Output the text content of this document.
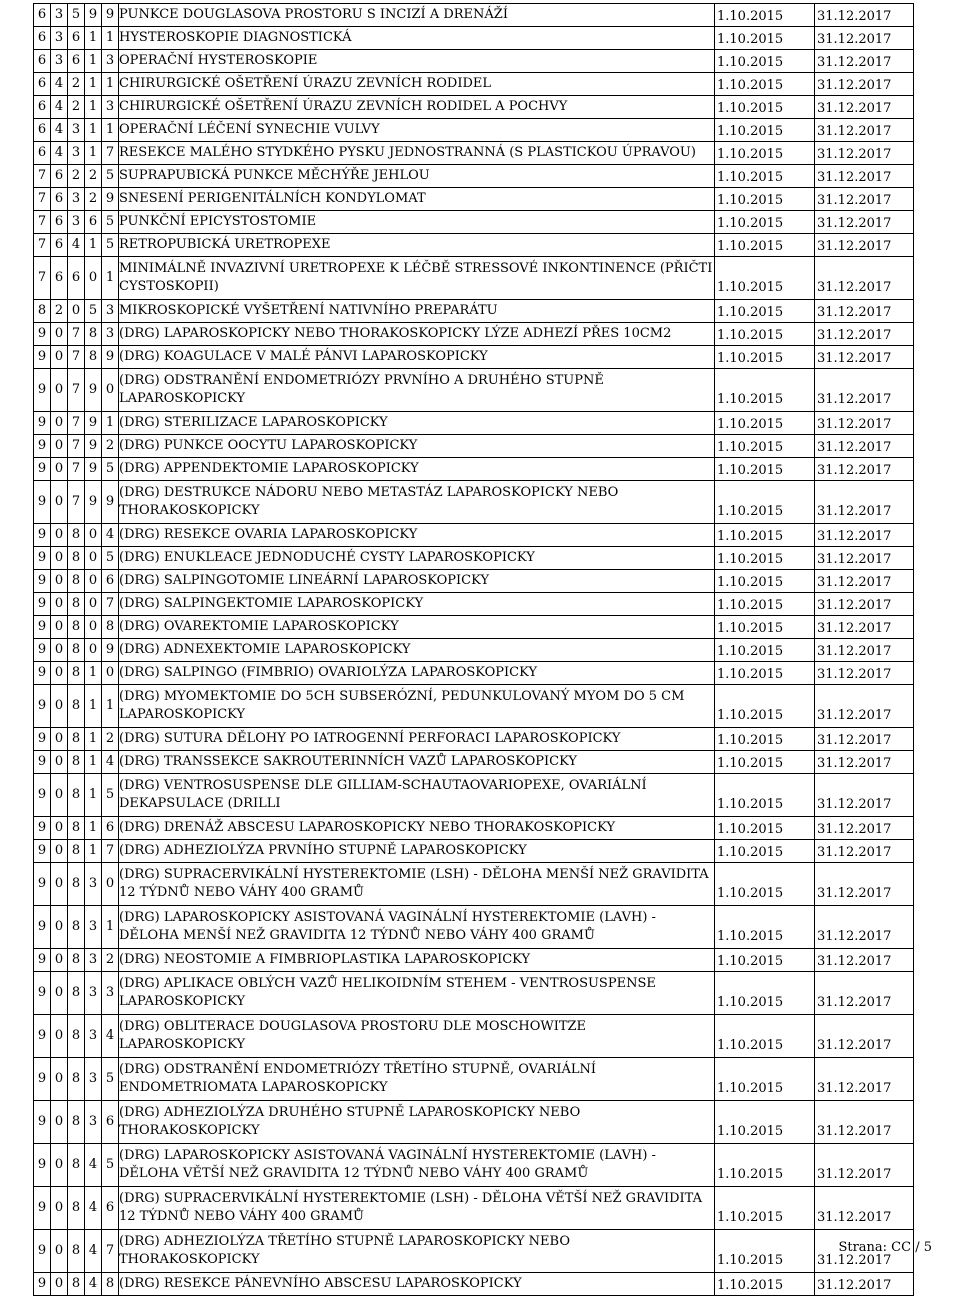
6	3	5	9	9	PUNKCE DOUGLASOVA PROSTORU S INCIZÍ A DRENÁŽÍ	1.10.2015	31.12.2017
6	3	6	1	1	HYSTEROSKOPIE DIAGNOSTICKÁ	1.10.2015	31.12.2017
6	3	6	1	3	OPERAČNÍ HYSTEROSKOPIE	1.10.2015	31.12.2017
6	4	2	1	1	CHIRURGICKÉ OŠETŘENÍ ÚRAZU ZEVNÍCH RODIDEL	1.10.2015	31.12.2017
6	4	2	1	3	CHIRURGICKÉ OŠETŘENÍ ÚRAZU ZEVNÍCH RODIDEL A POCHVY	1.10.2015	31.12.2017
6	4	3	1	1	OPERAČNÍ LÉČENÍ SYNECHIE VULVY	1.10.2015	31.12.2017
6	4	3	1	7	RESEKCE MALÉHO STYDKÉHO PYSKU JEDNOSTRANNÁ (S PLASTICKOU ÚPRAVOU)	1.10.2015	31.12.2017
7	6	2	2	5	SUPRAPUBICKÁ PUNKCE MĚCHÝŘE JEHLOU	1.10.2015	31.12.2017
7	6	3	2	9	SNESENÍ PERIGENITÁLNÍCH KONDYLOMAT	1.10.2015	31.12.2017
7	6	3	6	5	PUNKČNÍ EPICYSTOSTOMIE	1.10.2015	31.12.2017
7	6	4	1	5	RETROPUBICKÁ URETROPEXE	1.10.2015	31.12.2017
7	6	6	0	1	MINIMÁLNĚ INVAZIVNÍ URETROPEXE K LÉČBĚ STRESSOVÉ INKONTINENCE (PŘIČTI
CYSTOSKOPII)	1.10.2015	31.12.2017
8	2	0	5	3	MIKROSKOPICKÉ VYŠETŘENÍ NATIVNÍHO PREPARÁTU	1.10.2015	31.12.2017
9	0	7	8	3	(DRG) LAPAROSKOPICKY NEBO THORAKOSKOPICKY LÝZE ADHEZÍ PŘES 10CM2	1.10.2015	31.12.2017
9	0	7	8	9	(DRG) KOAGULACE V MALÉ PÁNVI LAPAROSKOPICKY	1.10.2015	31.12.2017
9	0	7	9	0	(DRG) ODSTRANĚNÍ ENDOMETRIÓZY PRVNÍHO A DRUHÉHO STUPNĚ
LAPAROSKOPICKY	1.10.2015	31.12.2017
9	0	7	9	1	(DRG) STERILIZACE LAPAROSKOPICKY	1.10.2015	31.12.2017
9	0	7	9	2	(DRG) PUNKCE OOCYTU LAPAROSKOPICKY	1.10.2015	31.12.2017
9	0	7	9	5	(DRG) APPENDEKTOMIE LAPAROSKOPICKY	1.10.2015	31.12.2017
9	0	7	9	9	(DRG) DESTRUKCE NÁDORU NEBO METASTÁZ LAPAROSKOPICKY NEBO
THORAKOSKOPICKY	1.10.2015	31.12.2017
9	0	8	0	4	(DRG) RESEKCE OVARIA LAPAROSKOPICKY	1.10.2015	31.12.2017
9	0	8	0	5	(DRG) ENUKLEACE JEDNODUCHÉ CYSTY LAPAROSKOPICKY	1.10.2015	31.12.2017
9	0	8	0	6	(DRG) SALPINGOTOMIE LINEÁRNÍ LAPAROSKOPICKY	1.10.2015	31.12.2017
9	0	8	0	7	(DRG) SALPINGEKTOMIE LAPAROSKOPICKY	1.10.2015	31.12.2017
9	0	8	0	8	(DRG) OVAREKTOMIE LAPAROSKOPICKY	1.10.2015	31.12.2017
9	0	8	0	9	(DRG) ADNEXEKTOMIE LAPAROSKOPICKY	1.10.2015	31.12.2017
9	0	8	1	0	(DRG) SALPINGO (FIMBRIO) OVARIOLÝZA LAPAROSKOPICKY	1.10.2015	31.12.2017
9	0	8	1	1	(DRG) MYOMEKTOMIE DO 5CH SUBSERÓZNÍ, PEDUNKULOVANÝ MYOM DO 5 CM
LAPAROSKOPICKY	1.10.2015	31.12.2017
9	0	8	1	2	(DRG) SUTURA DĚLOHY PO IATROGENNÍ PERFORACI LAPAROSKOPICKY	1.10.2015	31.12.2017
9	0	8	1	4	(DRG) TRANSSEKCE SAKROUTERINNÍCH VAZŮ LAPAROSKOPICKY	1.10.2015	31.12.2017
9	0	8	1	5	(DRG) VENTROSUSPENSE DLE GILLIAM-SCHAUTAOVARIOPEXE, OVARIÁLNÍ
DEKAPSULACE (DRILLI	1.10.2015	31.12.2017
9	0	8	1	6	(DRG) DRENÁŽ ABSCESU LAPAROSKOPICKY NEBO THORAKOSKOPICKY	1.10.2015	31.12.2017
9	0	8	1	7	(DRG) ADHEZIOLÝZA PRVNÍHO STUPNĚ LAPAROSKOPICKY	1.10.2015	31.12.2017
9	0	8	3	0	(DRG) SUPRACERVIKÁLNÍ HYSTEREKTOMIE (LSH) - DĚLOHA MENŠÍ NEŽ GRAVIDITA
12 TÝDNŮ NEBO VÁHY 400 GRAMŮ	1.10.2015	31.12.2017
9	0	8	3	1	(DRG) LAPAROSKOPICKY ASISTOVANÁ VAGINÁLNÍ HYSTEREKTOMIE (LAVH) -
DĚLOHA MENŠÍ NEŽ GRAVIDITA 12 TÝDNŮ NEBO VÁHY 400 GRAMŮ	1.10.2015	31.12.2017
9	0	8	3	2	(DRG) NEOSTOMIE A FIMBRIOPLASTIKA LAPAROSKOPICKY	1.10.2015	31.12.2017
9	0	8	3	3	(DRG) APLIKACE OBLÝCH VAZŮ HELIKOIDNÍM STEHEM - VENTROSUSPENSE
LAPAROSKOPICKY	1.10.2015	31.12.2017
9	0	8	3	4	(DRG) OBLITERACE DOUGLASOVA PROSTORU DLE MOSCHOWITZE
LAPAROSKOPICKY	1.10.2015	31.12.2017
9	0	8	3	5	(DRG) ODSTRANĚNÍ ENDOMETRIÓZY TŘETÍHO STUPNĚ, OVARIÁLNÍ
ENDOMETRIOMATA LAPAROSKOPICKY	1.10.2015	31.12.2017
9	0	8	3	6	(DRG) ADHEZIOLÝZA DRUHÉHO STUPNĚ LAPAROSKOPICKY NEBO
THORAKOSKOPICKY	1.10.2015	31.12.2017
9	0	8	4	5	(DRG) LAPAROSKOPICKY ASISTOVANÁ VAGINÁLNÍ HYSTEREKTOMIE (LAVH) -
DĚLOHA VĚTŠÍ NEŽ GRAVIDITA 12 TÝDNŮ NEBO VÁHY 400 GRAMŮ	1.10.2015	31.12.2017
9	0	8	4	6	(DRG) SUPRACERVIKÁLNÍ HYSTEREKTOMIE (LSH) - DĚLOHA VĚTŠÍ NEŽ GRAVIDITA
12 TÝDNŮ NEBO VÁHY 400 GRAMŮ	1.10.2015	31.12.2017
9	0	8	4	7	(DRG) ADHEZIOLÝZA TŘETÍHO STUPNĚ LAPAROSKOPICKY NEBO
THORAKOSKOPICKY	1.10.2015	31.12.2017
9	0	8	4	8	(DRG) RESEKCE PÁNEVNÍHO ABSCESU LAPAROSKOPICKY	1.10.2015	31.12.2017
Strana: CC / 5
